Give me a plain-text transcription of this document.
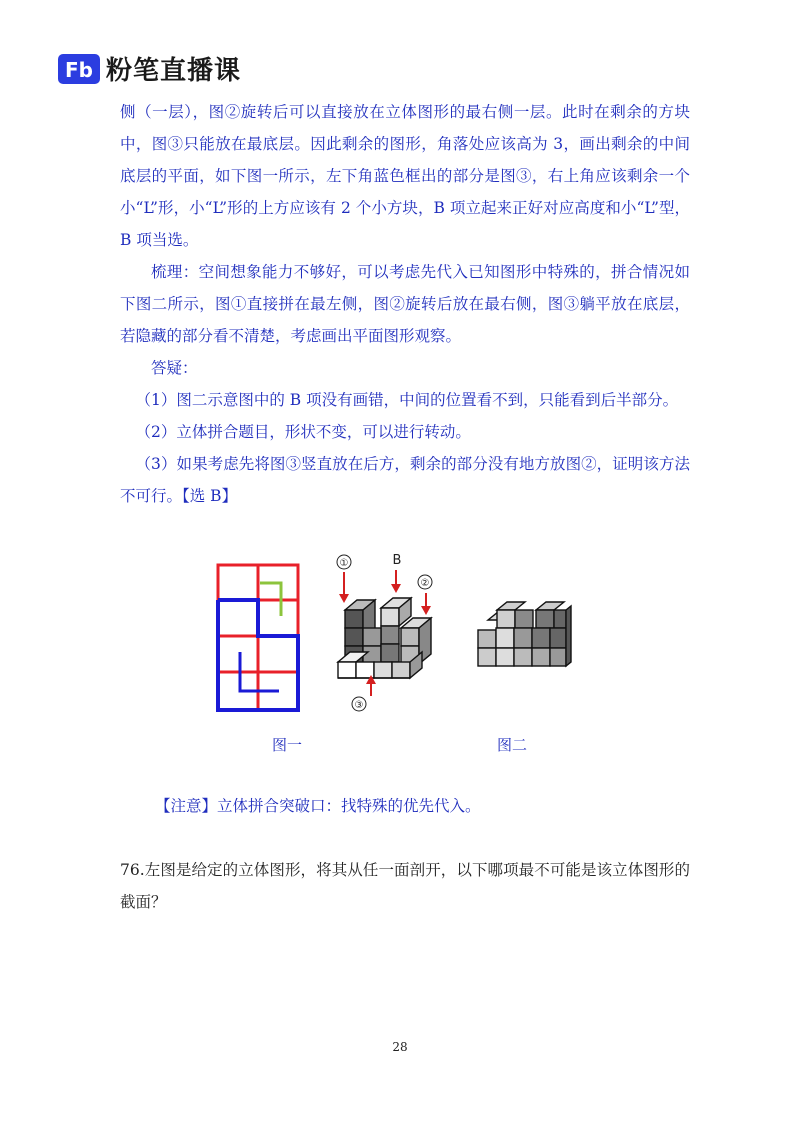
Fb 粉笔直播课

侧（一层），图②旋转后可以直接放在立体图形的最右侧一层。此时在剩余的方块中，图③只能放在最底层。因此剩余的图形，角落处应该高为 3，画出剩余的中间底层的平面，如下图一所示，左下角蓝色框出的部分是图③，右上角应该剩余一个小“L”形，小“L”形的上方应该有 2 个小方块，B 项立起来正好对应高度和小“L”型，B 项当选。

梳理：空间想象能力不够好，可以考虑先代入已知图形中特殊的，拼合情况如下图二所示，图①直接拼在最左侧，图②旋转后放在最右侧，图③躺平放在底层，若隐藏的部分看不清楚，考虑画出平面图形观察。

答疑：

（1）图二示意图中的 B 项没有画错，中间的位置看不到，只能看到后半部分。

（2）立体拼合题目，形状不变，可以进行转动。

（3）如果考虑先将图③竖直放在后方，剩余的部分没有地方放图②，证明该方法不可行。【选 B】

①	B
②
③
图一	图二
【注意】立体拼合突破口：找特殊的优先代入。
76.左图是给定的立体图形，将其从任一面剖开，以下哪项最不可能是该立体图形的截面？
28
